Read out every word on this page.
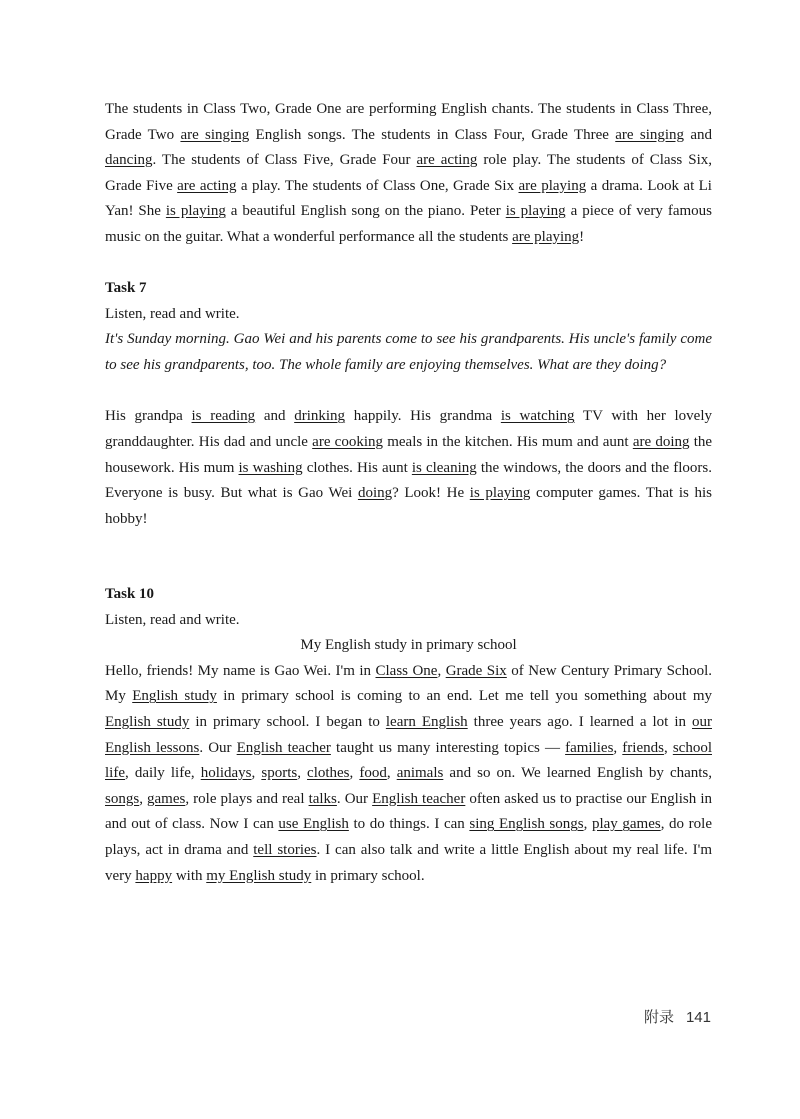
The students in Class Two, Grade One are performing English chants. The students in Class Three, Grade Two are singing English songs. The students in Class Four, Grade Three are singing and dancing. The students of Class Five, Grade Four are acting role play. The students of Class Six, Grade Five are acting a play. The students of Class One, Grade Six are playing a drama. Look at Li Yan! She is playing a beautiful English song on the piano. Peter is playing a piece of very famous music on the guitar. What a wonderful performance all the students are playing!

Task 7

Listen, read and write.

It's Sunday morning. Gao Wei and his parents come to see his grandparents. His uncle's family come to see his grandparents, too. The whole family are enjoying themselves. What are they doing?

His grandpa is reading and drinking happily. His grandma is watching TV with her lovely granddaughter. His dad and uncle are cooking meals in the kitchen. His mum and aunt are doing the housework. His mum is washing clothes. His aunt is cleaning the windows, the doors and the floors. Everyone is busy. But what is Gao Wei doing? Look! He is playing computer games. That is his hobby!

Task 10

Listen, read and write.

My English study in primary school

Hello, friends! My name is Gao Wei. I'm in Class One, Grade Six of New Century Primary School. My English study in primary school is coming to an end. Let me tell you something about my English study in primary school. I began to learn English three years ago. I learned a lot in our English lessons. Our English teacher taught us many interesting topics — families, friends, school life, daily life, holidays, sports, clothes, food, animals and so on. We learned English by chants, songs, games, role plays and real talks. Our English teacher often asked us to practise our English in and out of class. Now I can use English to do things. I can sing English songs, play games, do role plays, act in drama and tell stories. I can also talk and write a little English about my real life. I'm very happy with my English study in primary school.

附录 141
